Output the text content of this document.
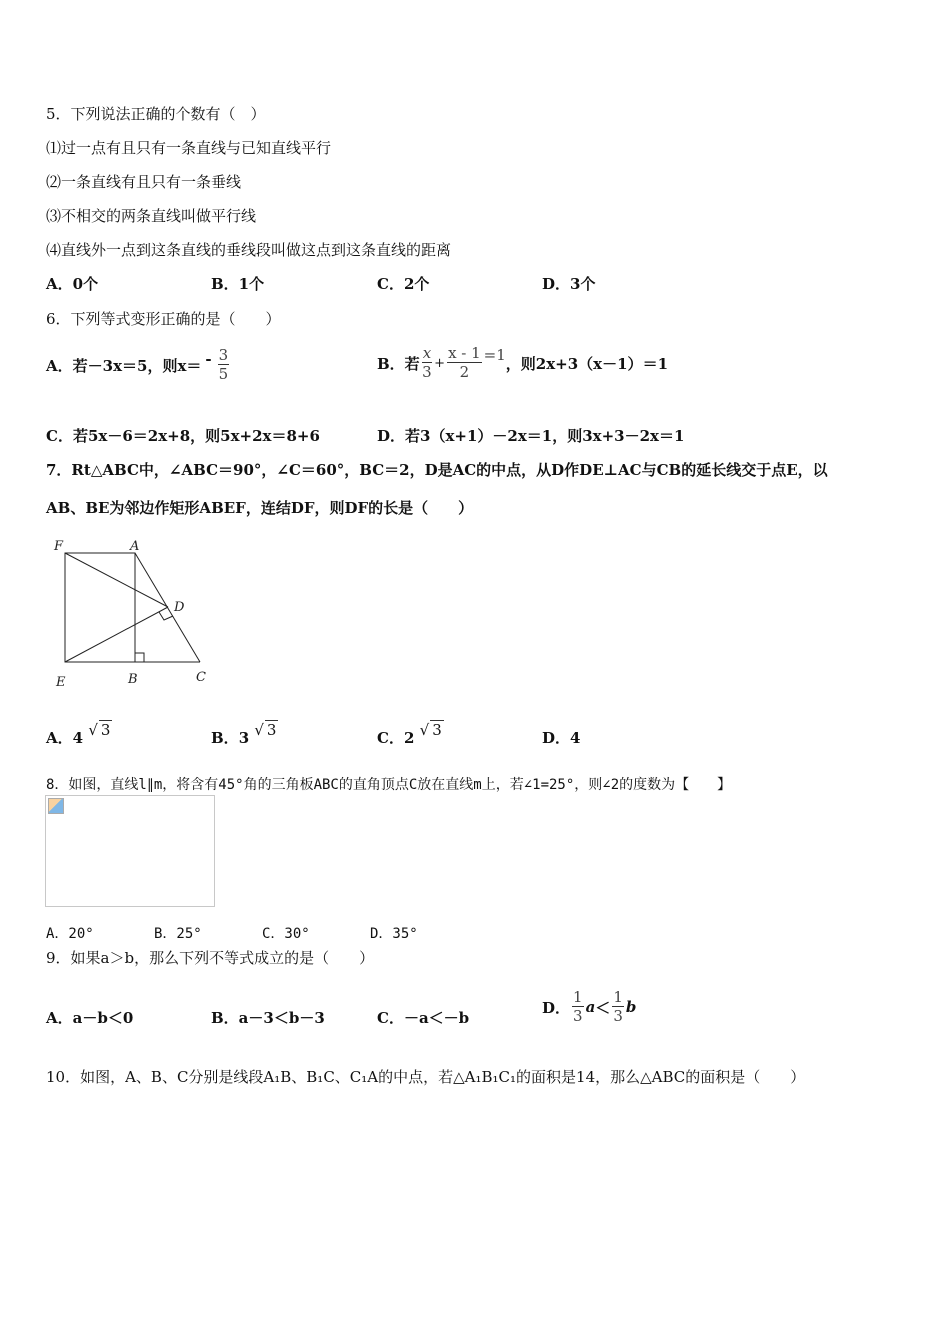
5．下列说法正确的个数有（　）
⑴过一点有且只有一条直线与已知直线平行
⑵一条直线有且只有一条垂线
⑶不相交的两条直线叫做平行线
⑷直线外一点到这条直线的垂线段叫做这点到这条直线的距离
A．0个	B．1个	C．2个	D．3个
6．下列等式变形正确的是（　　）
A．若－3x＝5，则$x= - \frac{3}{5}$	B．若 $\frac{x}{3} + \frac{x - 1}{2} =1$ ，则2x+3（x－1）＝1
C．若5x－6＝2x+8，则5x+2x＝8+6	D．若3（x+1）－2x＝1，则3x+3－2x＝1
7．Rt△ABC中，∠ABC＝90°，∠C＝60°，BC＝2，D是AC的中点，从D作DE⊥AC与CB的延长线交于点E，以
AB、BE为邻边作矩形ABEF，连结DF，则DF的长是（　　）
F	A
D
E	B	C
A．4 √ 3	B．3 √ 3	C．2 √ 3	D．4
8．如图，直线l∥m，将含有45°角的三角板ABC的直角顶点C放在直线m上，若∠1=25°，则∠2的度数为【　　】
A．20°	B．25°	C．30°	D．35°
9．如果a＞b，那么下列不等式成立的是（　　）
A．a－b＜0	B．a－3＜b－3	C．－a＜－b
D． $\frac{1}{3}$ $a < \frac{1}{3}$ b
10．如图，A、B、C分别是线段A₁B、B₁C、C₁A的中点，若△A₁B₁C₁的面积是14，那么△ABC的面积是（　　）
